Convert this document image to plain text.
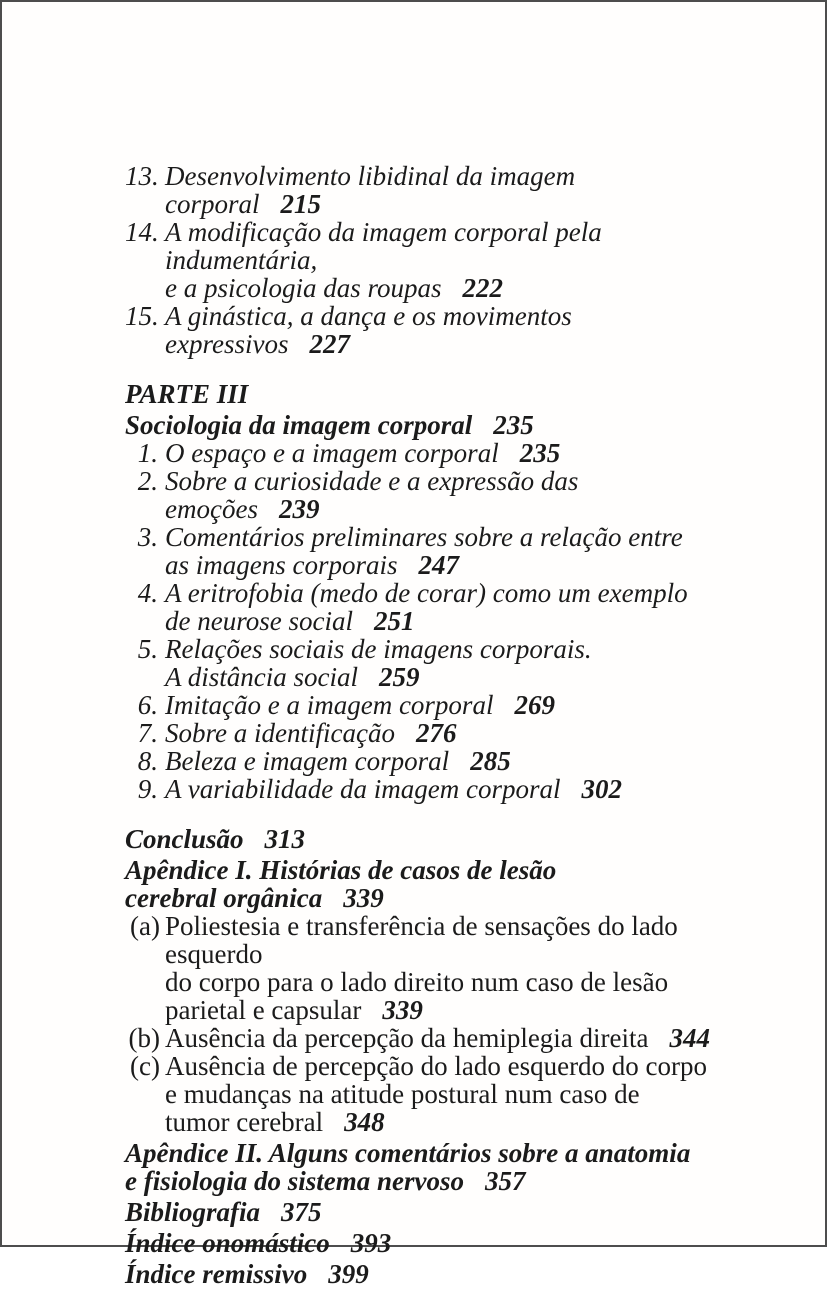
13. Desenvolvimento libidinal da imagem corporal 215
14. A modificação da imagem corporal pela indumentária,
e a psicologia das roupas 222
15. A ginástica, a dança e os movimentos expressivos 227
PARTE III
Sociologia da imagem corporal 235
1. O espaço e a imagem corporal 235
2. Sobre a curiosidade e a expressão das emoções 239
3. Comentários preliminares sobre a relação entre
as imagens corporais 247
4. A eritrofobia (medo de corar) como um exemplo
de neurose social 251
5. Relações sociais de imagens corporais.
A distância social 259
6. Imitação e a imagem corporal 269
7. Sobre a identificação 276
8. Beleza e imagem corporal 285
9. A variabilidade da imagem corporal 302
Conclusão 313
Apêndice I. Histórias de casos de lesão
cerebral orgânica 339
(a) Poliestesia e transferência de sensações do lado esquerdo
do corpo para o lado direito num caso de lesão
parietal e capsular 339
(b) Ausência da percepção da hemiplegia direita 344
(c) Ausência de percepção do lado esquerdo do corpo
e mudanças na atitude postural num caso de
tumor cerebral 348
Apêndice II. Alguns comentários sobre a anatomia
e fisiologia do sistema nervoso 357
Bibliografia 375
Índice onomástico 393
Índice remissivo 399
